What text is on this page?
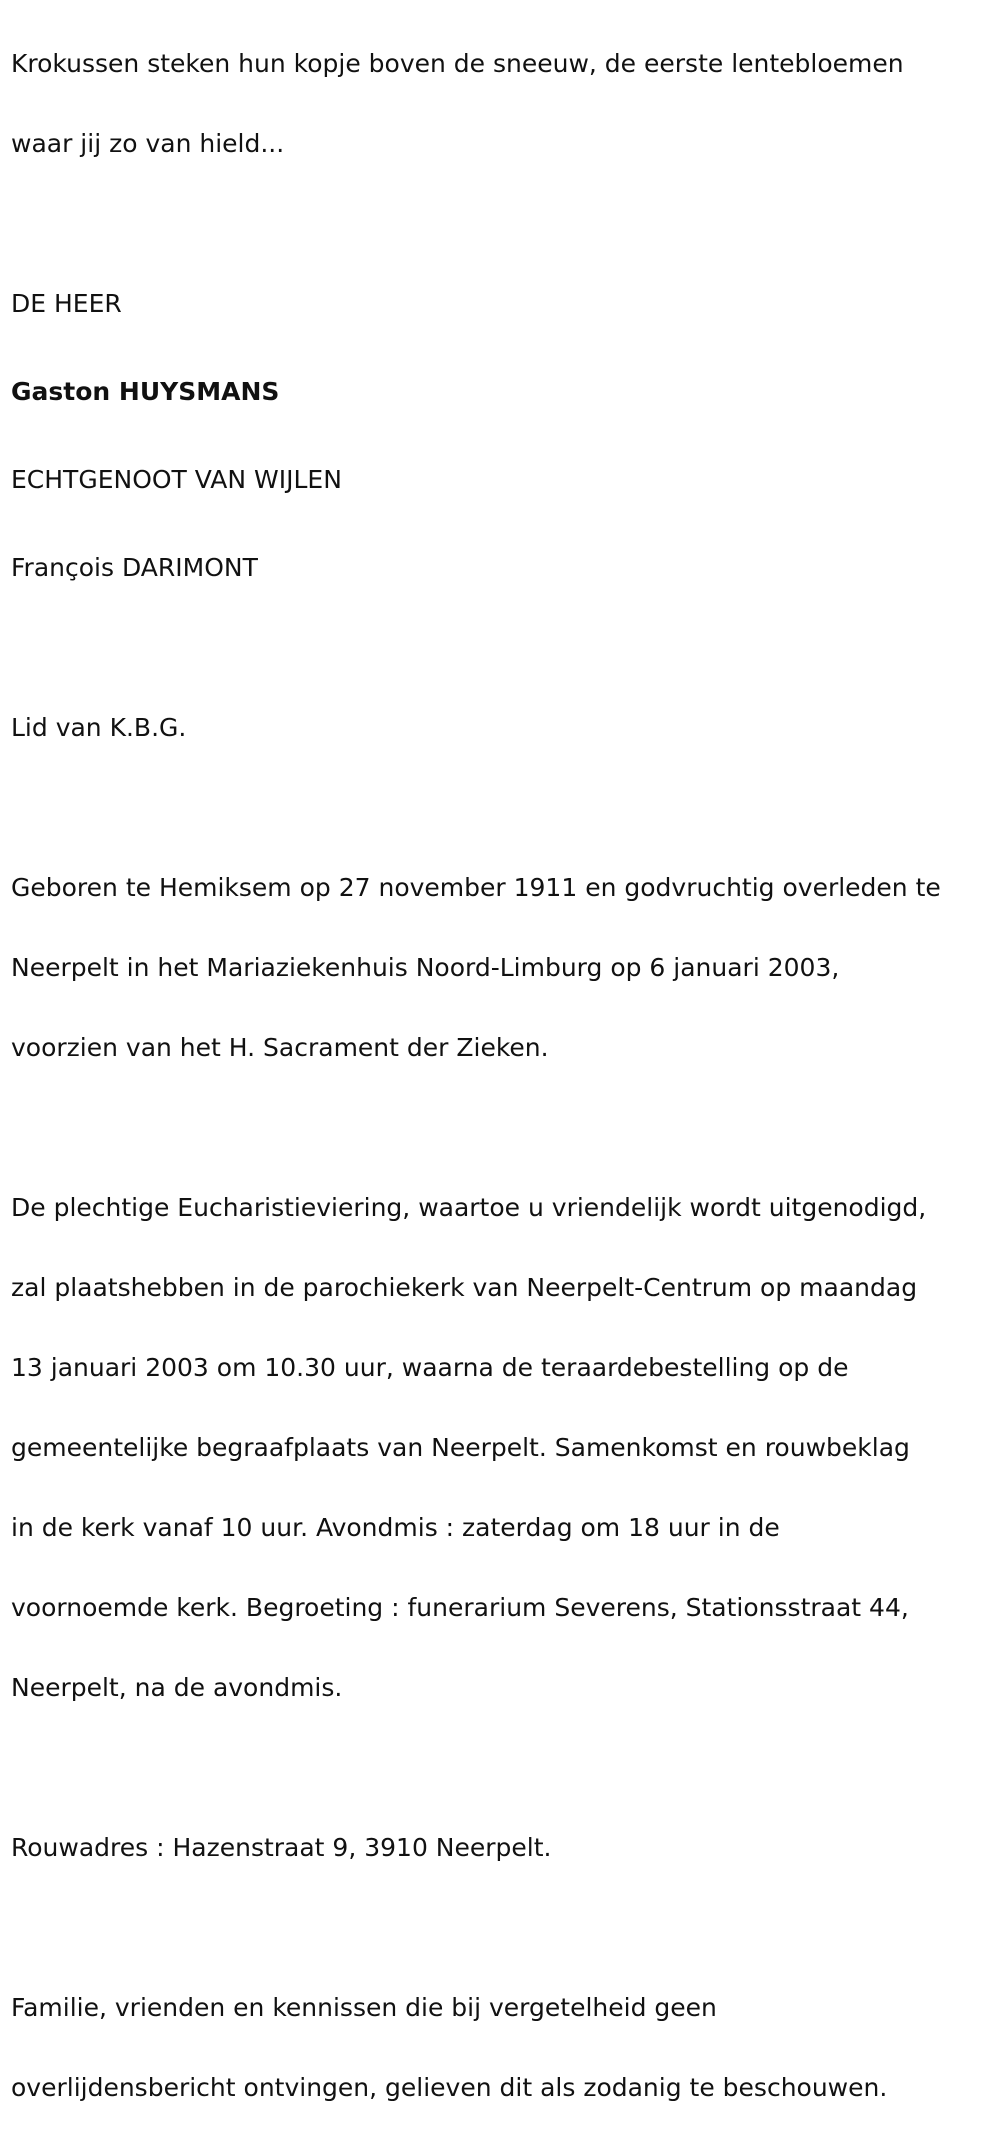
Krokussen steken hun kopje boven de sneeuw, de eerste lentebloemen

waar jij zo van hield...

DE HEER

Gaston HUYSMANS

ECHTGENOOT VAN WIJLEN

François DARIMONT

Lid van K.B.G.

Geboren te Hemiksem op 27 november 1911 en godvruchtig overleden te

Neerpelt in het Mariaziekenhuis Noord-Limburg op 6 januari 2003,

voorzien van het H. Sacrament der Zieken.

De plechtige Eucharistieviering, waartoe u vriendelijk wordt uitgenodigd,

zal plaatshebben in de parochiekerk van Neerpelt-Centrum op maandag

13 januari 2003 om 10.30 uur, waarna de teraardebestelling op de

gemeentelijke begraafplaats van Neerpelt. Samenkomst en rouwbeklag

in de kerk vanaf 10 uur. Avondmis : zaterdag om 18 uur in de

voornoemde kerk. Begroeting : funerarium Severens, Stationsstraat 44,

Neerpelt, na de avondmis.

Rouwadres : Hazenstraat 9, 3910 Neerpelt.

Familie, vrienden en kennissen die bij vergetelheid geen

overlijdensbericht ontvingen, gelieven dit als zodanig te beschouwen.
